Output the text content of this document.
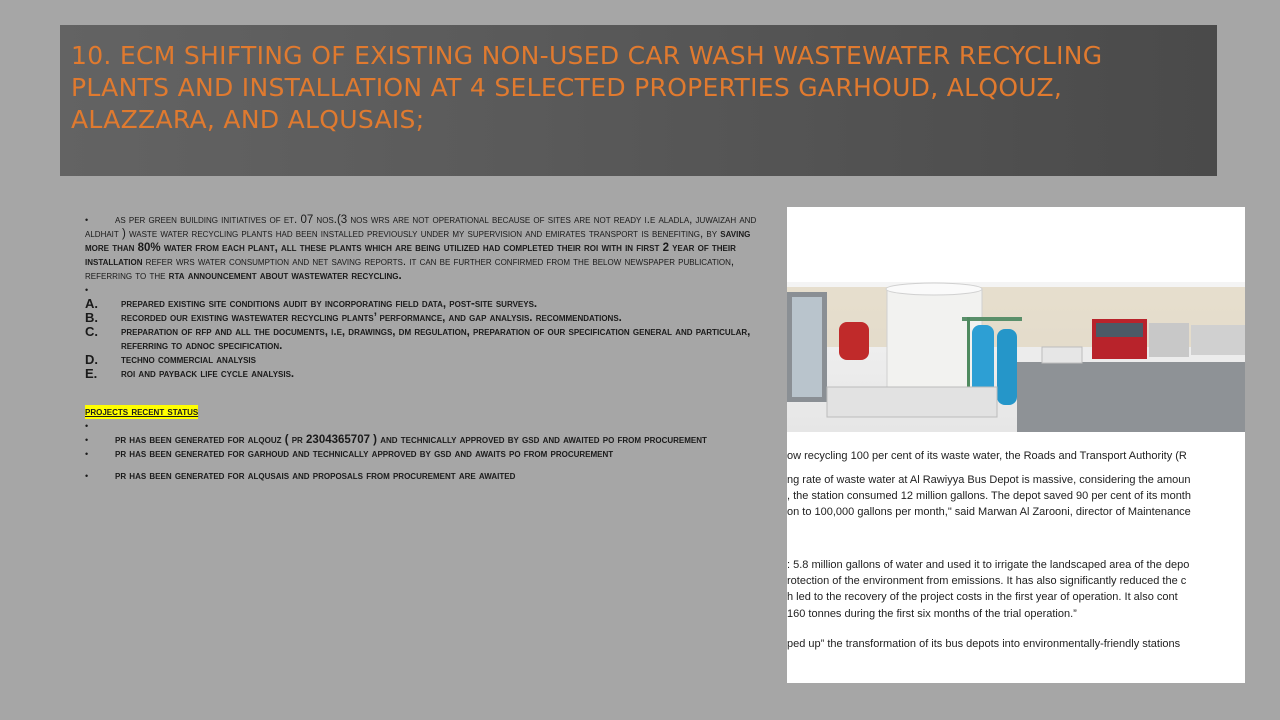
10. ECM SHIFTING OF EXISTING NON-USED CAR WASH WASTEWATER RECYCLING PLANTS AND INSTALLATION AT 4 SELECTED PROPERTIES GARHOUD, ALQOUZ, ALAZZARA, AND ALQUSAIS;

• as per green building initiatives of et. 07 nos.(3 nos wrs are not operational because of sites are not ready i.e aladla, juwaizah and aldhait ) waste water recycling plants had been installed previously under my supervision and emirates transport is benefiting, by saving more than 80% water from each plant, all these plants which are being utilized had completed their roi with in first 2 year of their installation refer wrs water consumption and net saving reports. it can be further confirmed from the below newspaper publication, referring to the rta announcement about wastewater recycling.

•

A.	prepared existing site conditions audit by incorporating field data, post-site surveys.
B.	recorded our existing wastewater recycling plants’ performance, and gap analysis. recommendations.
C.	preparation of rfp and all the documents, i.e, drawings, dm regulation, preparation of our specification general and particular, referring to adnoc specification.
D.	techno commercial analysis
E.	roi and payback life cycle analysis.
projects recent status

•

• pr has been generated for alqouz ( pr 2304365707 ) and technically approved by gsd and awaited po from procurement

• pr has been generated for garhoud and technically approved by gsd and awaits po from procurement

• pr has been generated for alqusais and proposals from procurement are awaited

ow recycling 100 per cent of its waste water, the Roads and Transport Authority (R
ng rate of waste water at Al Rawiyya Bus Depot is massive, considering the amoun
, the station consumed 12 million gallons. The depot saved 90 per cent of its month
on to 100,000 gallons per month," said Marwan Al Zarooni, director of Maintenance
: 5.8 million gallons of water and used it to irrigate the landscaped area of the depo
rotection of the environment from emissions. It has also significantly reduced the c
h led to the recovery of the project costs in the first year of operation. It also cont
160 tonnes during the first six months of the trial operation.”
ped up” the transformation of its bus depots into environmentally-friendly stations
